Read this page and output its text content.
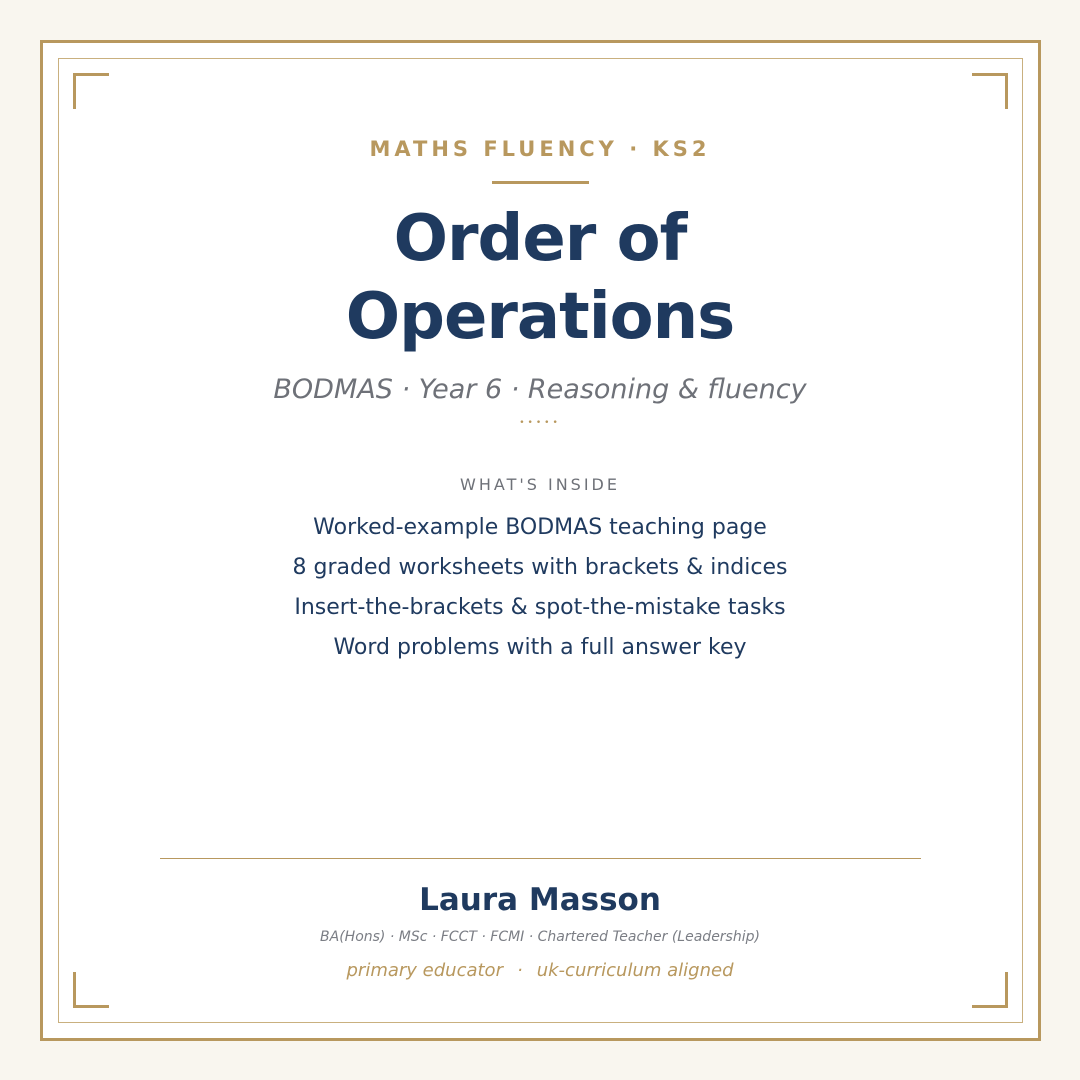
MATHS FLUENCY · KS2
Order of
Operations
BODMAS · Year 6 · Reasoning & fluency
•••••
WHAT'S INSIDE
Worked-example BODMAS teaching page
8 graded worksheets with brackets & indices
Insert-the-brackets & spot-the-mistake tasks
Word problems with a full answer key
Laura Masson
BA(Hons) · MSc · FCCT · FCMI · Chartered Teacher (Leadership)
primary educator · uk-curriculum aligned
